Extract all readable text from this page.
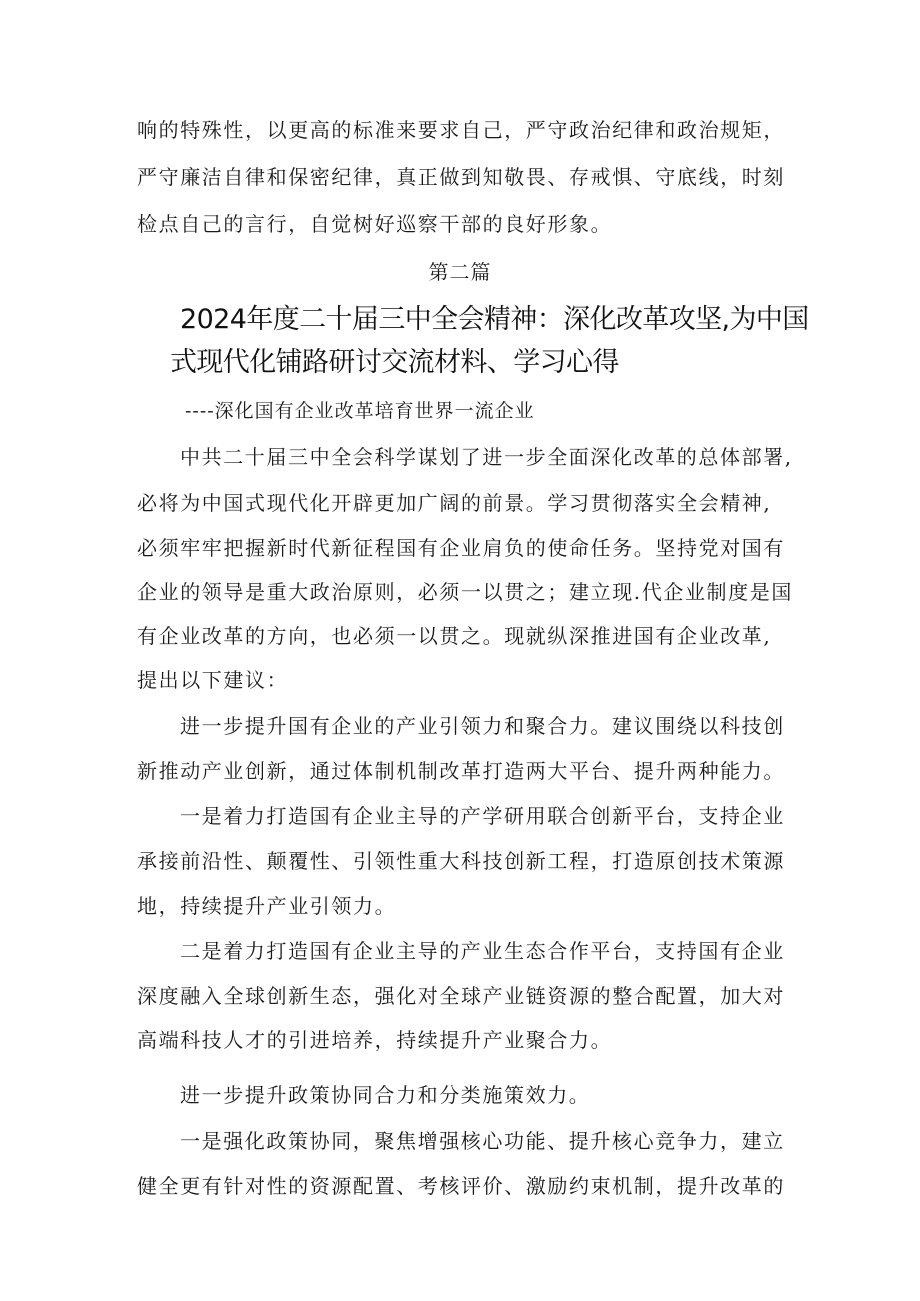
响的特殊性，以更高的标准来要求自己，严守政治纪律和政治规矩，
严守廉洁自律和保密纪律，真正做到知敬畏、存戒惧、守底线，时刻
检点自己的言行，自觉树好巡察干部的良好形象。
第二篇
2024年度二十届三中全会精神：深化改革攻坚,为中国
式现代化铺路研讨交流材料、学习心得
----深化国有企业改革培育世界一流企业
中共二十届三中全会科学谋划了进一步全面深化改革的总体部署,
必将为中国式现代化开辟更加广阔的前景。学习贯彻落实全会精神,
必须牢牢把握新时代新征程国有企业肩负的使命任务。坚持党对国有
企业的领导是重大政治原则，必须一以贯之；建立现.代企业制度是国
有企业改革的方向，也必须一以贯之。现就纵深推进国有企业改革,
提出以下建议：
进一步提升国有企业的产业引领力和聚合力。建议围绕以科技创
新推动产业创新，通过体制机制改革打造两大平台、提升两种能力。
一是着力打造国有企业主导的产学研用联合创新平台，支持企业
承接前沿性、颠覆性、引领性重大科技创新工程，打造原创技术策源
地，持续提升产业引领力。
二是着力打造国有企业主导的产业生态合作平台，支持国有企业
深度融入全球创新生态，强化对全球产业链资源的整合配置，加大对
高端科技人才的引进培养，持续提升产业聚合力。
进一步提升政策协同合力和分类施策效力。
一是强化政策协同，聚焦增强核心功能、提升核心竞争力，建立
健全更有针对性的资源配置、考核评价、激励约束机制，提升改革的
